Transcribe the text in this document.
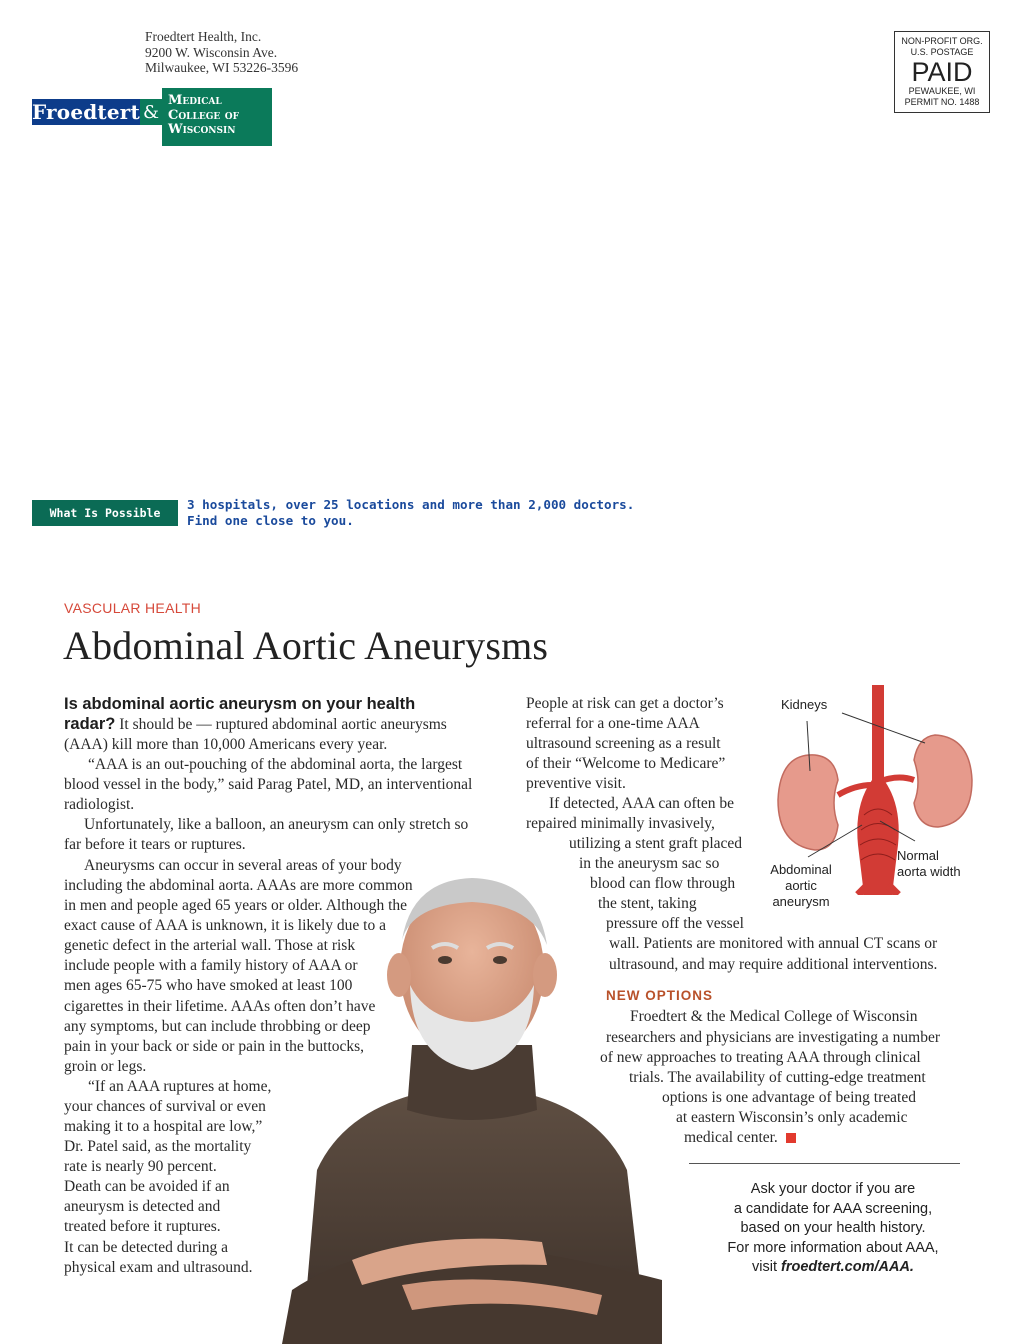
Froedtert Health, Inc.
9200 W. Wisconsin Ave.
Milwaukee, WI 53226-3596
Froedtert &
Medical
College of
Wisconsin
NON-PROFIT ORG.
U.S. POSTAGE
PAID
PEWAUKEE, WI
PERMIT NO. 1488
What Is Possible
3 hospitals, over 25 locations and more than 2,000 doctors.
Find one close to you.
VASCULAR HEALTH
Abdominal Aortic Aneurysms
Is abdominal aortic aneurysm on your health
radar? It should be — ruptured abdominal aortic aneurysms
(AAA) kill more than 10,000 Americans every year.
“AAA is an out-pouching of the abdominal aorta, the largest
blood vessel in the body,” said Parag Patel, MD, an interventional
radiologist.
Unfortunately, like a balloon, an aneurysm can only stretch so
far before it tears or ruptures.
Aneurysms can occur in several areas of your body
including the abdominal aorta. AAAs are more common
in men and people aged 65 years or older. Although the
exact cause of AAA is unknown, it is likely due to a
genetic defect in the arterial wall. Those at risk
include people with a family history of AAA or
men ages 65-75 who have smoked at least 100
cigarettes in their lifetime. AAAs often don’t have
any symptoms, but can include throbbing or deep
pain in your back or side or pain in the buttocks,
groin or legs.
“If an AAA ruptures at home,
your chances of survival or even
making it to a hospital are low,”
Dr. Patel said, as the mortality
rate is nearly 90 percent.
Death can be avoided if an
aneurysm is detected and
treated before it ruptures.
It can be detected during a
physical exam and ultrasound.
People at risk can get a doctor’s
referral for a one-time AAA
ultrasound screening as a result
of their “Welcome to Medicare”
preventive visit.
If detected, AAA can often be
repaired minimally invasively,
utilizing a stent graft placed
in the aneurysm sac so
blood can flow through
the stent, taking
pressure off the vessel
wall. Patients are monitored with annual CT scans or
ultrasound, and may require additional interventions.
NEW OPTIONS
Froedtert & the Medical College of Wisconsin
researchers and physicians are investigating a number
of new approaches to treating AAA through clinical
trials. The availability of cutting-edge treatment
options is one advantage of being treated
at eastern Wisconsin’s only academic
medical center.
Ask your doctor if you are
a candidate for AAA screening,
based on your health history.
For more information about AAA,
visit froedtert.com/AAA.
Kidneys
Abdominal
aortic
aneurysm
Normal
aorta width
